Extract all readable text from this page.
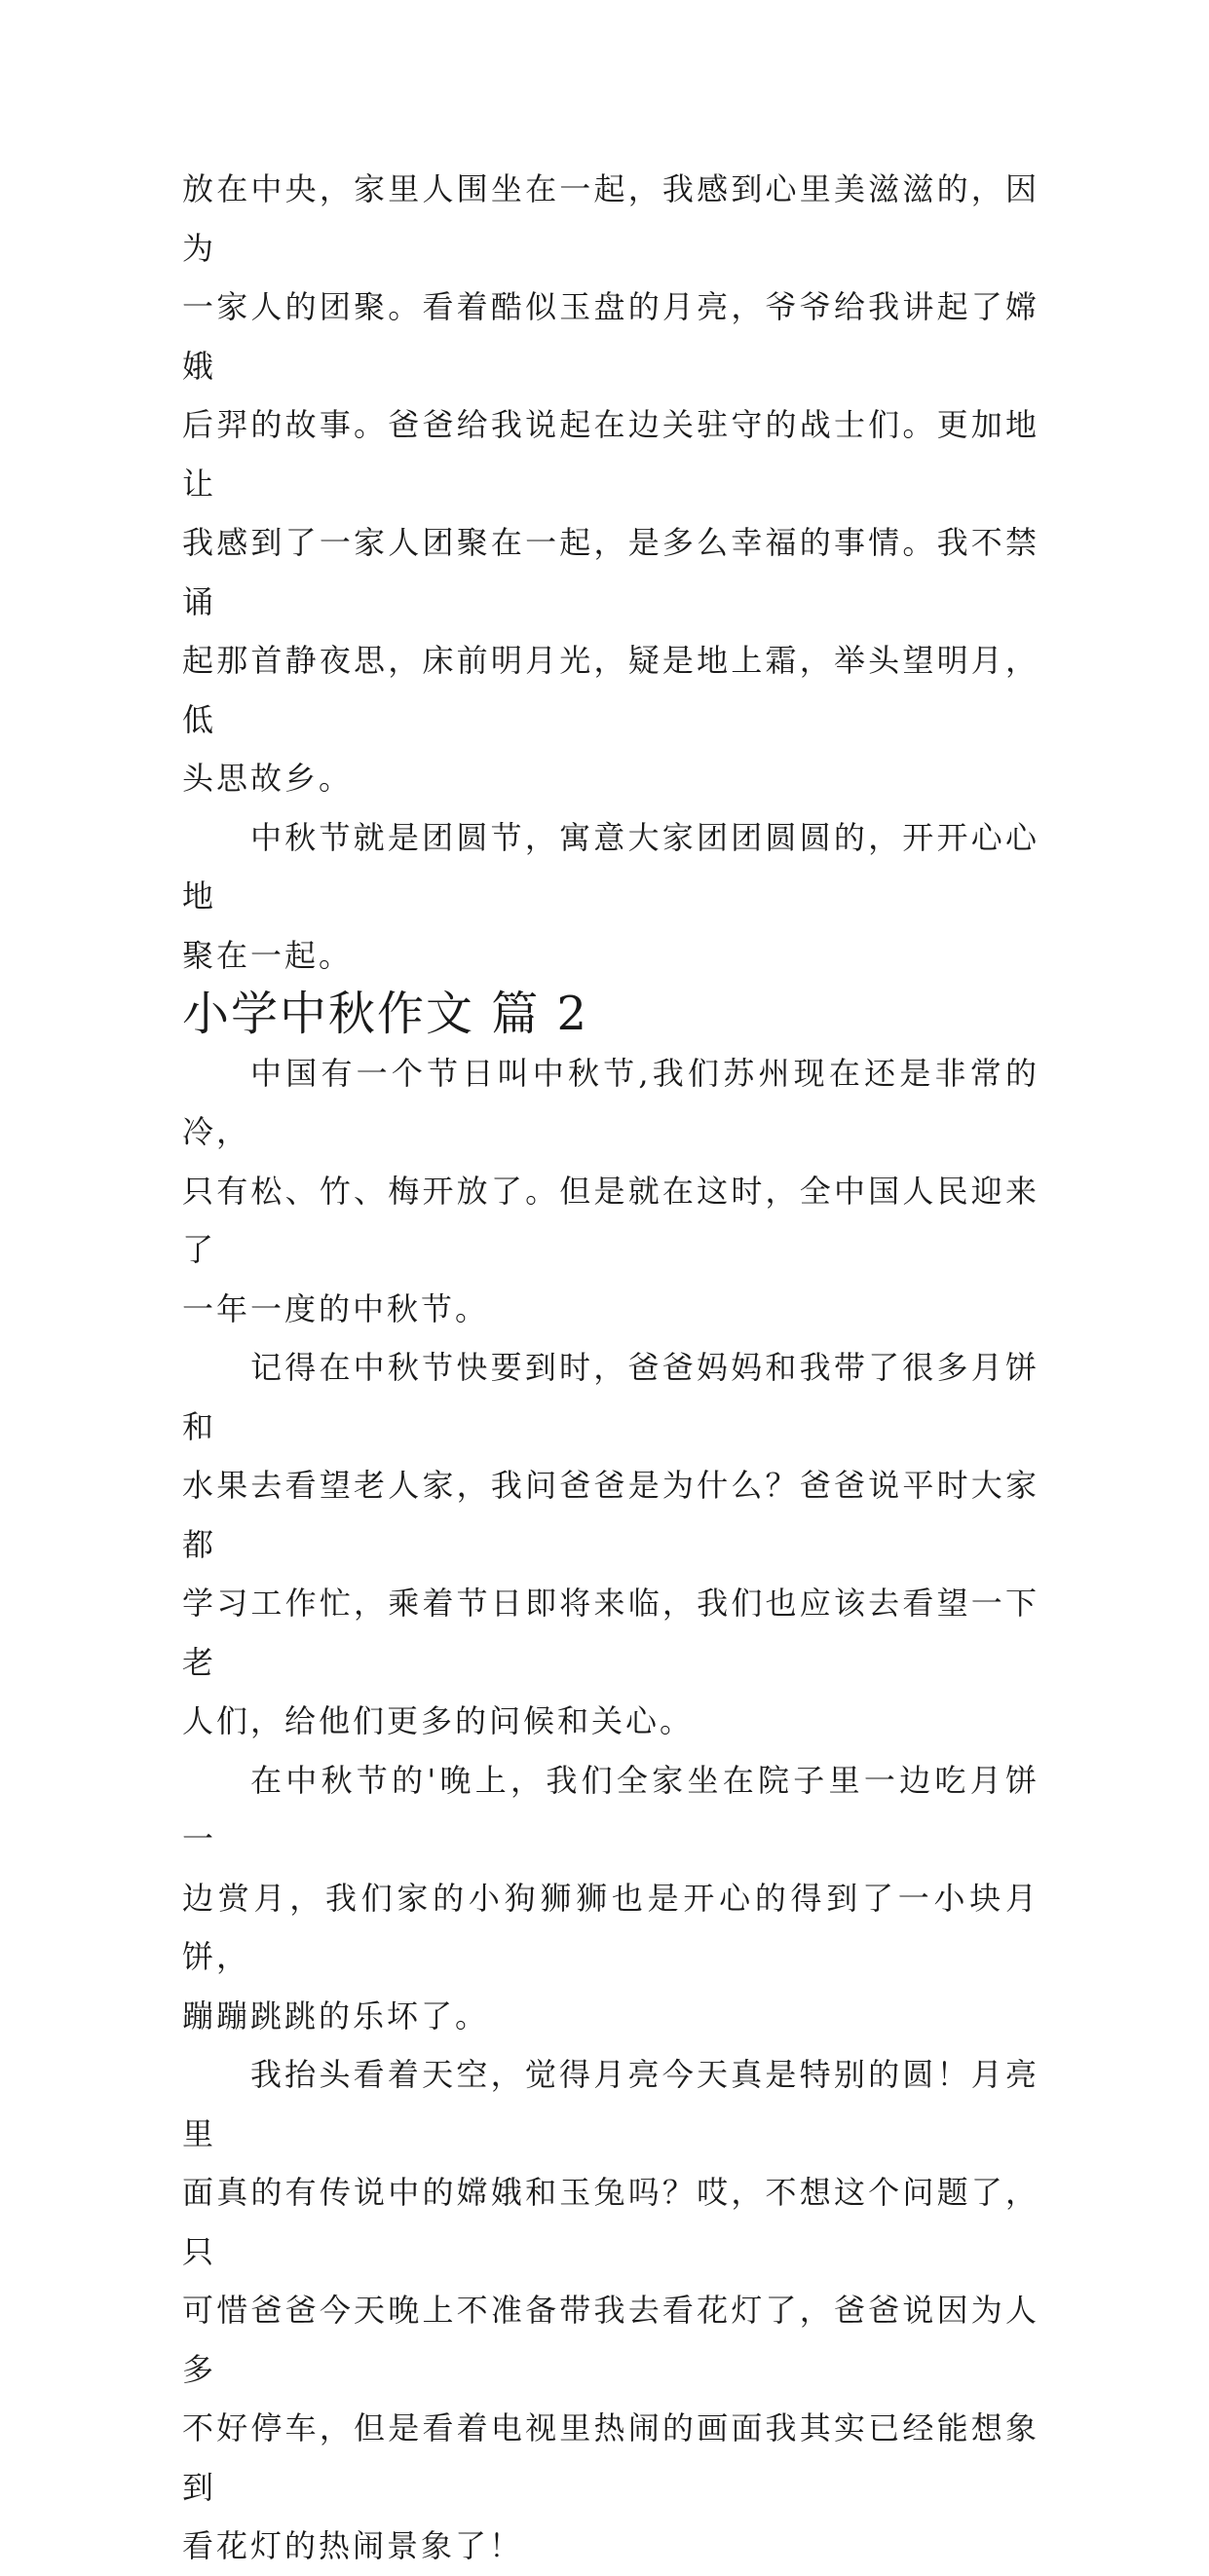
放在中央，家里人围坐在一起，我感到心里美滋滋的，因为
一家人的团聚。看着酷似玉盘的月亮，爷爷给我讲起了嫦娥
后羿的故事。爸爸给我说起在边关驻守的战士们。更加地让
我感到了一家人团聚在一起，是多么幸福的事情。我不禁诵
起那首静夜思，床前明月光，疑是地上霜，举头望明月，低
头思故乡。

中秋节就是团圆节，寓意大家团团圆圆的，开开心心地
聚在一起。

小学中秋作文 篇 2

中国有一个节日叫中秋节,我们苏州现在还是非常的冷，
只有松、竹、梅开放了。但是就在这时，全中国人民迎来了
一年一度的中秋节。

记得在中秋节快要到时，爸爸妈妈和我带了很多月饼和
水果去看望老人家，我问爸爸是为什么？爸爸说平时大家都
学习工作忙，乘着节日即将来临，我们也应该去看望一下老
人们，给他们更多的问候和关心。

在中秋节的'晚上，我们全家坐在院子里一边吃月饼一
边赏月，我们家的小狗狮狮也是开心的得到了一小块月饼，
蹦蹦跳跳的乐坏了。

我抬头看着天空，觉得月亮今天真是特别的圆！月亮里
面真的有传说中的嫦娥和玉兔吗？哎，不想这个问题了，只
可惜爸爸今天晚上不准备带我去看花灯了，爸爸说因为人多
不好停车，但是看着电视里热闹的画面我其实已经能想象到
看花灯的热闹景象了！
